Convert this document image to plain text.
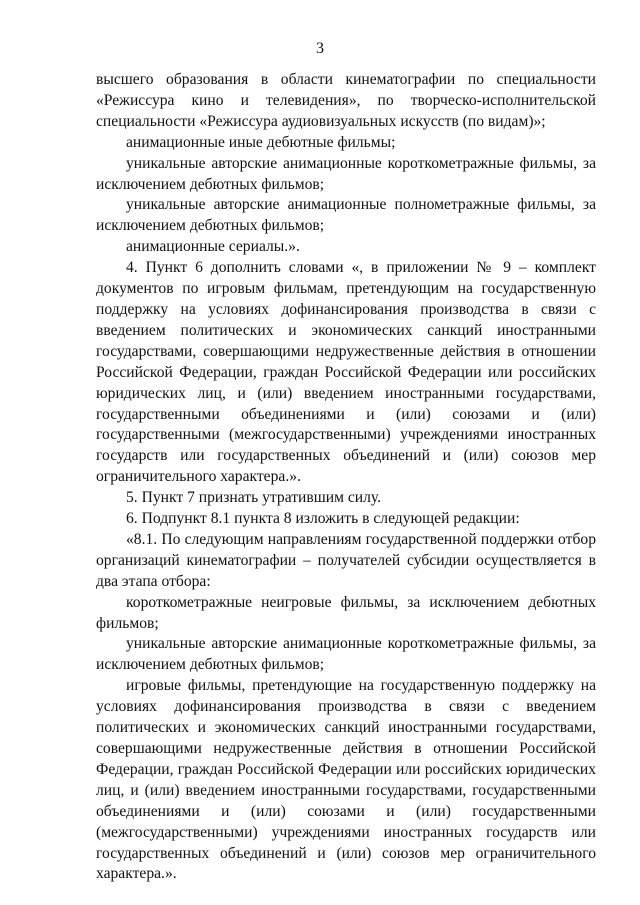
3

высшего образования в области кинематографии по специальности «Режиссура кино и телевидения», по творческо-исполнительской специальности «Режиссура аудиовизуальных искусств (по видам)»;

анимационные иные дебютные фильмы;

уникальные авторские анимационные короткометражные фильмы, за исключением дебютных фильмов;

уникальные авторские анимационные полнометражные фильмы, за исключением дебютных фильмов;

анимационные сериалы.».

4. Пункт 6 дополнить словами «, в приложении № 9 – комплект документов по игровым фильмам, претендующим на государственную поддержку на условиях дофинансирования производства в связи с введением политических и экономических санкций иностранными государствами, совершающими недружественные действия в отношении Российской Федерации, граждан Российской Федерации или российских юридических лиц, и (или) введением иностранными государствами, государственными объединениями и (или) союзами и (или) государственными (межгосударственными) учреждениями иностранных государств или государственных объединений и (или) союзов мер ограничительного характера.».

5. Пункт 7 признать утратившим силу.

6. Подпункт 8.1 пункта 8 изложить в следующей редакции:

«8.1. По следующим направлениям государственной поддержки отбор организаций кинематографии – получателей субсидии осуществляется в два этапа отбора:

короткометражные неигровые фильмы, за исключением дебютных фильмов;

уникальные авторские анимационные короткометражные фильмы, за исключением дебютных фильмов;

игровые фильмы, претендующие на государственную поддержку на условиях дофинансирования производства в связи с введением политических и экономических санкций иностранными государствами, совершающими недружественные действия в отношении Российской Федерации, граждан Российской Федерации или российских юридических лиц, и (или) введением иностранными государствами, государственными объединениями и (или) союзами и (или) государственными (межгосударственными) учреждениями иностранных государств или государственных объединений и (или) союзов мер ограничительного характера.».
